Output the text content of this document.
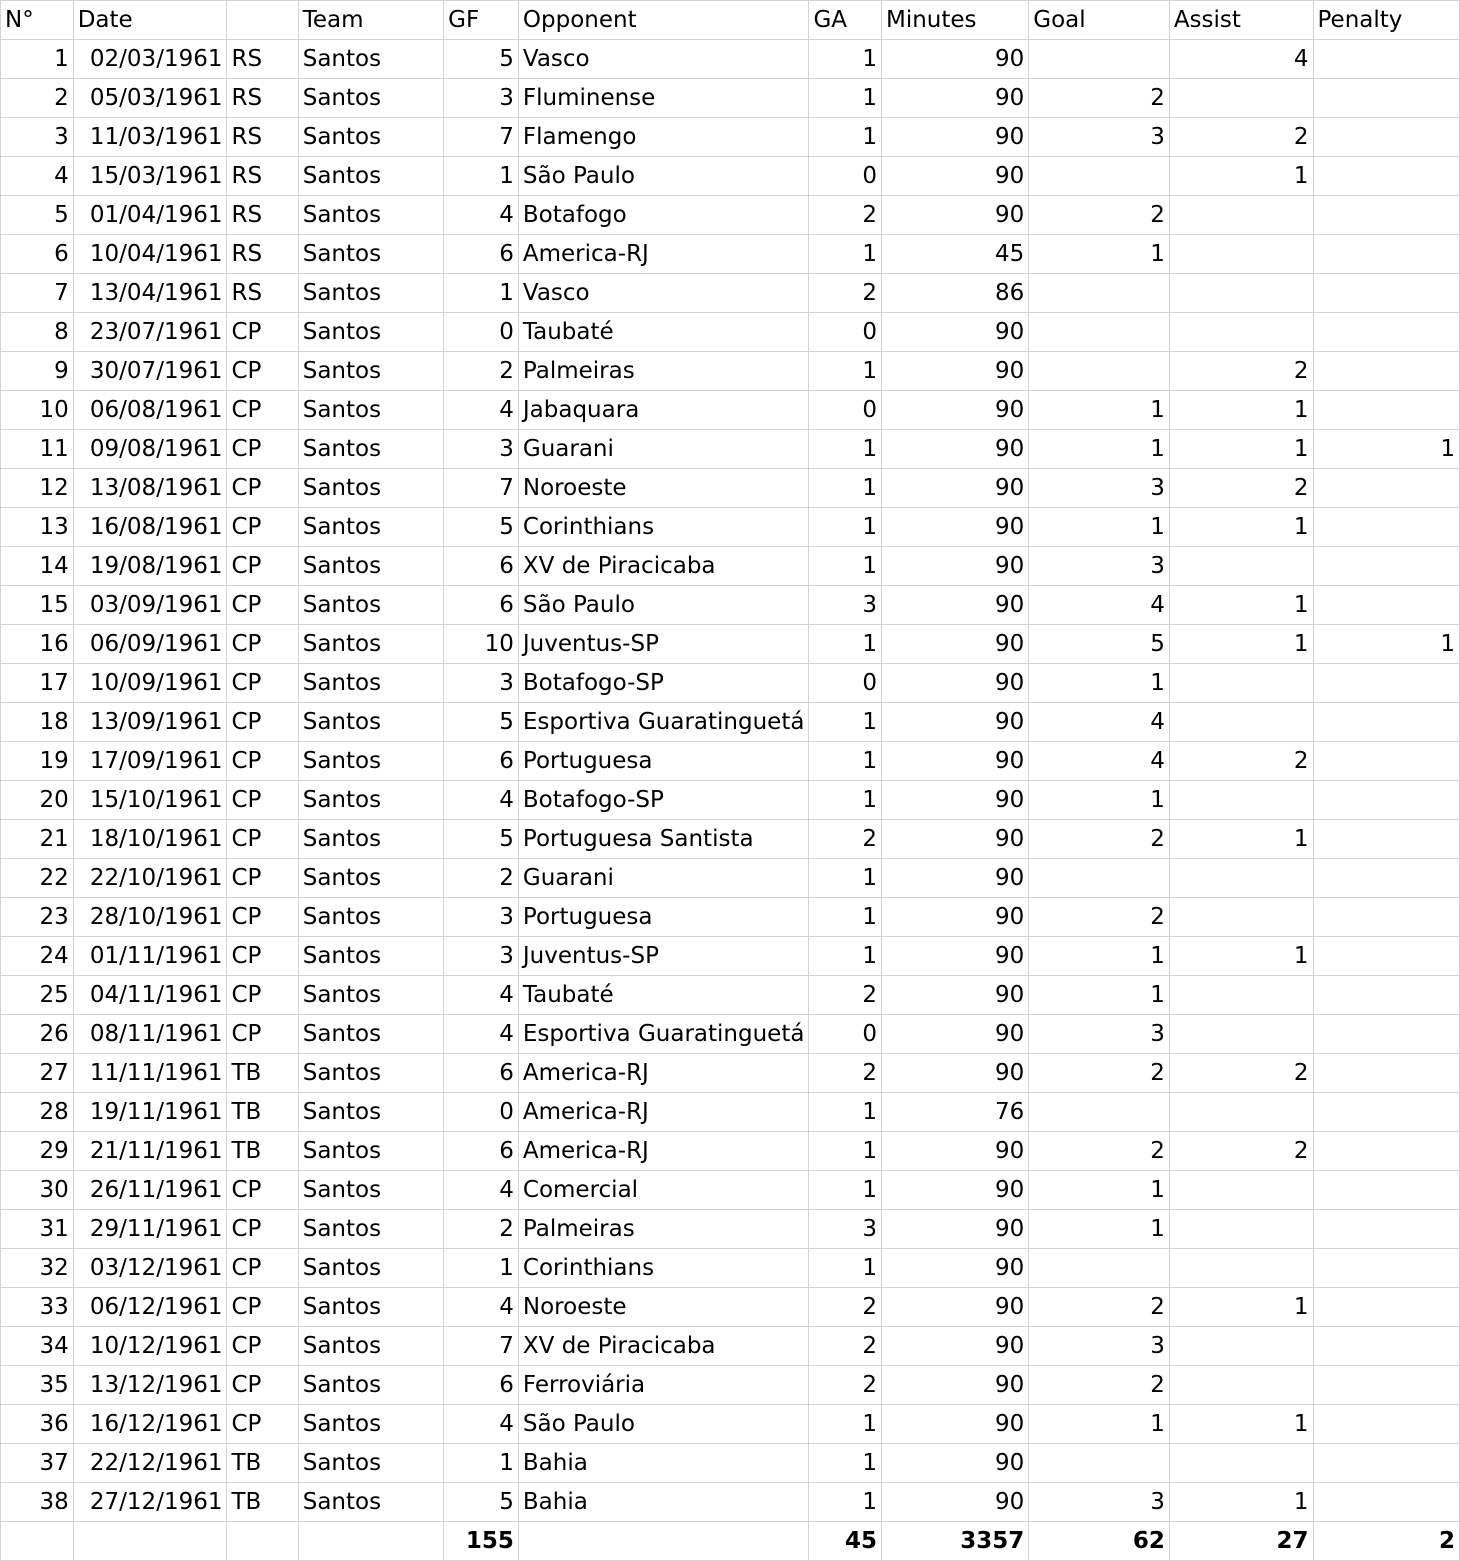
N°	Date		Team	GF	Opponent	GA	Minutes	Goal	Assist	Penalty
1	02/03/1961	RS	Santos	5	Vasco	1	90		4	
2	05/03/1961	RS	Santos	3	Fluminense	1	90	2		
3	11/03/1961	RS	Santos	7	Flamengo	1	90	3	2	
4	15/03/1961	RS	Santos	1	São Paulo	0	90		1	
5	01/04/1961	RS	Santos	4	Botafogo	2	90	2		
6	10/04/1961	RS	Santos	6	America-RJ	1	45	1		
7	13/04/1961	RS	Santos	1	Vasco	2	86			
8	23/07/1961	CP	Santos	0	Taubaté	0	90			
9	30/07/1961	CP	Santos	2	Palmeiras	1	90		2	
10	06/08/1961	CP	Santos	4	Jabaquara	0	90	1	1	
11	09/08/1961	CP	Santos	3	Guarani	1	90	1	1	1
12	13/08/1961	CP	Santos	7	Noroeste	1	90	3	2	
13	16/08/1961	CP	Santos	5	Corinthians	1	90	1	1	
14	19/08/1961	CP	Santos	6	XV de Piracicaba	1	90	3		
15	03/09/1961	CP	Santos	6	São Paulo	3	90	4	1	
16	06/09/1961	CP	Santos	10	Juventus-SP	1	90	5	1	1
17	10/09/1961	CP	Santos	3	Botafogo-SP	0	90	1		
18	13/09/1961	CP	Santos	5	Esportiva Guaratinguetá	1	90	4		
19	17/09/1961	CP	Santos	6	Portuguesa	1	90	4	2	
20	15/10/1961	CP	Santos	4	Botafogo-SP	1	90	1		
21	18/10/1961	CP	Santos	5	Portuguesa Santista	2	90	2	1	
22	22/10/1961	CP	Santos	2	Guarani	1	90			
23	28/10/1961	CP	Santos	3	Portuguesa	1	90	2		
24	01/11/1961	CP	Santos	3	Juventus-SP	1	90	1	1	
25	04/11/1961	CP	Santos	4	Taubaté	2	90	1		
26	08/11/1961	CP	Santos	4	Esportiva Guaratinguetá	0	90	3		
27	11/11/1961	TB	Santos	6	America-RJ	2	90	2	2	
28	19/11/1961	TB	Santos	0	America-RJ	1	76			
29	21/11/1961	TB	Santos	6	America-RJ	1	90	2	2	
30	26/11/1961	CP	Santos	4	Comercial	1	90	1		
31	29/11/1961	CP	Santos	2	Palmeiras	3	90	1		
32	03/12/1961	CP	Santos	1	Corinthians	1	90			
33	06/12/1961	CP	Santos	4	Noroeste	2	90	2	1	
34	10/12/1961	CP	Santos	7	XV de Piracicaba	2	90	3		
35	13/12/1961	CP	Santos	6	Ferroviária	2	90	2		
36	16/12/1961	CP	Santos	4	São Paulo	1	90	1	1	
37	22/12/1961	TB	Santos	1	Bahia	1	90			
38	27/12/1961	TB	Santos	5	Bahia	1	90	3	1	
				155		45	3357	62	27	2
